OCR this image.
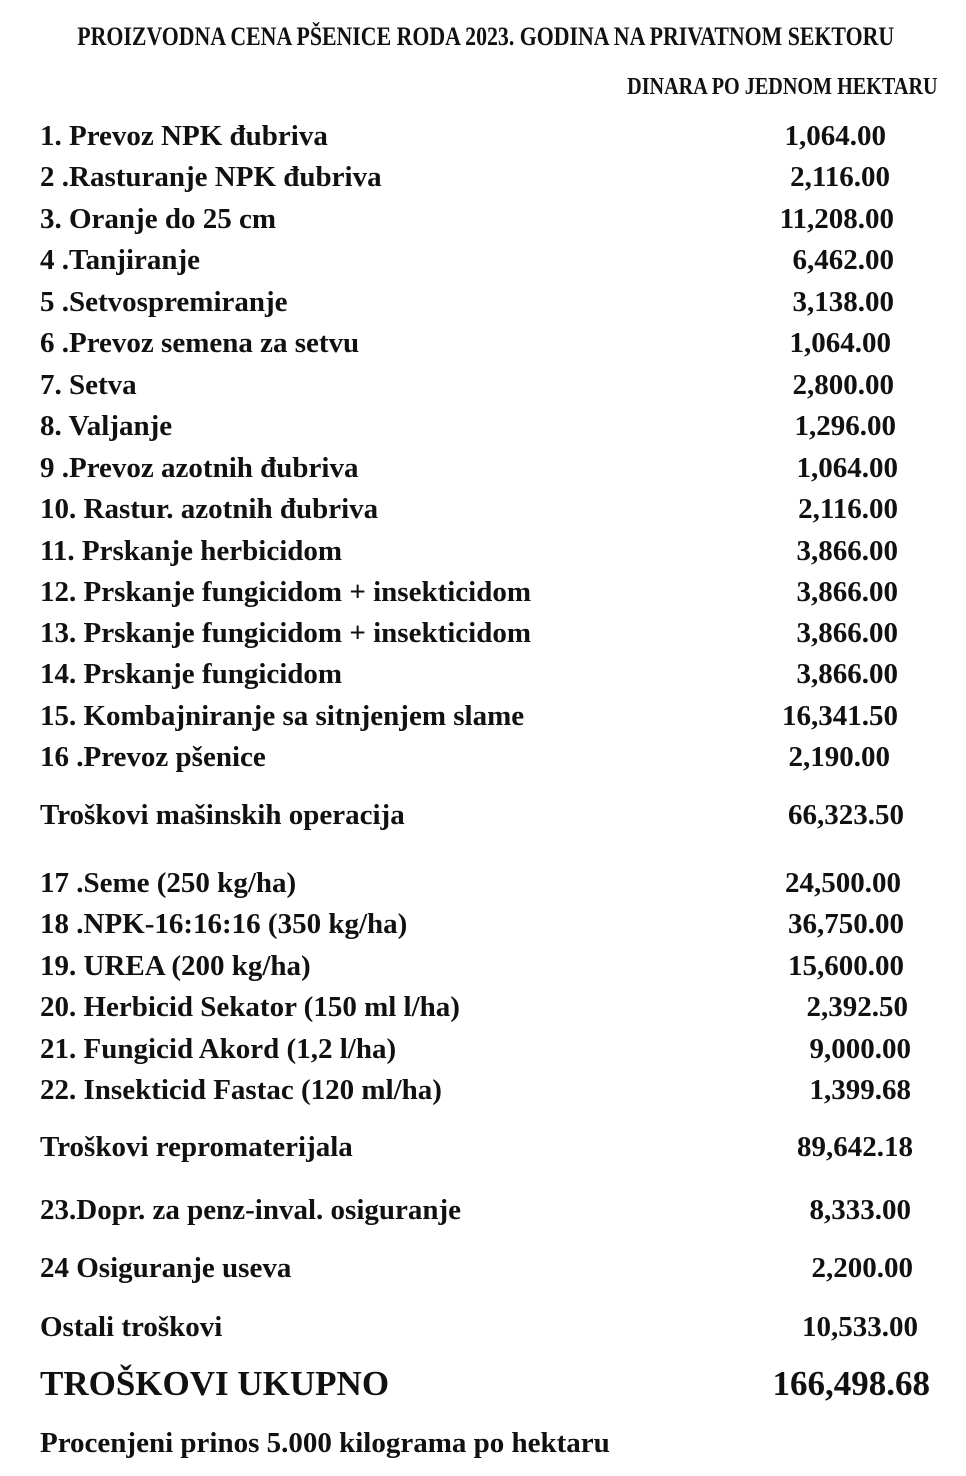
PROIZVODNA CENA PŠENICE RODA 2023. GODINA NA PRIVATNOM SEKTORU
DINARA PO JEDNOM HEKTARU
1. Prevoz NPK đubriva	1,064.00
2 .Rasturanje NPK đubriva	2,116.00
3. Oranje do 25 cm	11,208.00
4 .Tanjiranje	6,462.00
5 .Setvospremiranje	3,138.00
6 .Prevoz semena za setvu	1,064.00
7. Setva	2,800.00
8. Valjanje	1,296.00
9 .Prevoz azotnih đubriva	1,064.00
10. Rastur. azotnih đubriva	2,116.00
11. Prskanje herbicidom	3,866.00
12. Prskanje fungicidom + insekticidom	3,866.00
13. Prskanje fungicidom + insekticidom	3,866.00
14. Prskanje fungicidom	3,866.00
15. Kombajniranje sa sitnjenjem slame	16,341.50
16 .Prevoz pšenice	2,190.00
Troškovi mašinskih operacija	66,323.50
17 .Seme (250 kg/ha)	24,500.00
18 .NPK-16:16:16 (350 kg/ha)	36,750.00
19. UREA (200 kg/ha)	15,600.00
20. Herbicid Sekator (150 ml l/ha)	2,392.50
21. Fungicid Akord (1,2 l/ha)	9,000.00
22. Insekticid Fastac (120 ml/ha)	1,399.68
Troškovi repromaterijala	89,642.18
23.Dopr. za penz-inval. osiguranje	8,333.00
24 Osiguranje useva	2,200.00
Ostali troškovi	10,533.00
TROŠKOVI UKUPNO	166,498.68
Procenjeni prinos 5.000 kilograma po hektaru
